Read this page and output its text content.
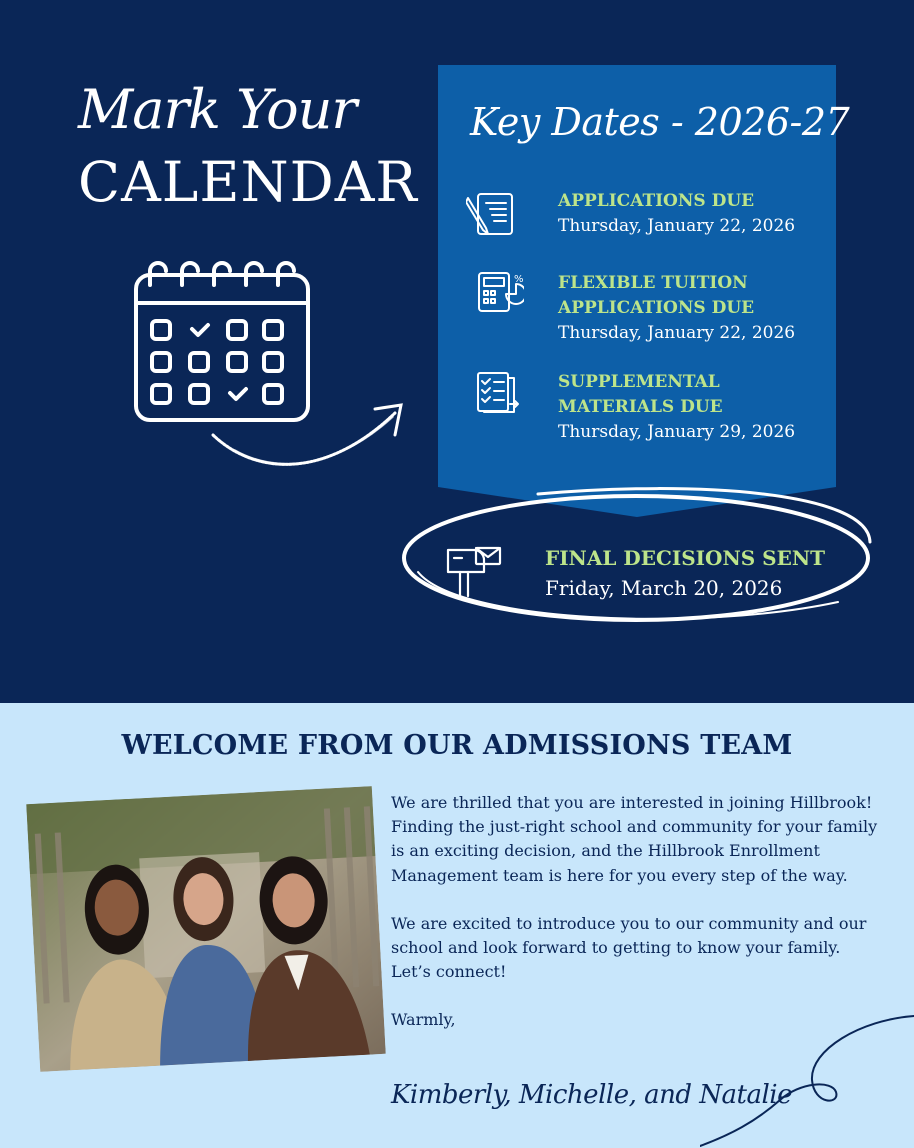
Mark Your
CALENDAR
Key Dates - 2026-27
APPLICATIONS DUE
Thursday, January 22, 2026
% FLEXIBLE TUITION
APPLICATIONS DUE
Thursday, January 22, 2026
SUPPLEMENTAL
MATERIALS DUE
Thursday, January 29, 2026
FINAL DECISIONS SENT
Friday, March 20, 2026
WELCOME FROM OUR ADMISSIONS TEAM

We are thrilled that you are interested in joining Hillbrook! Finding the just-right school and community for your family is an exciting decision, and the Hillbrook Enrollment Management team is here for you every step of the way.

We are excited to introduce you to our community and our school and look forward to getting to know your family. Let’s connect!

Warmly,

Kimberly, Michelle, and Natalie
